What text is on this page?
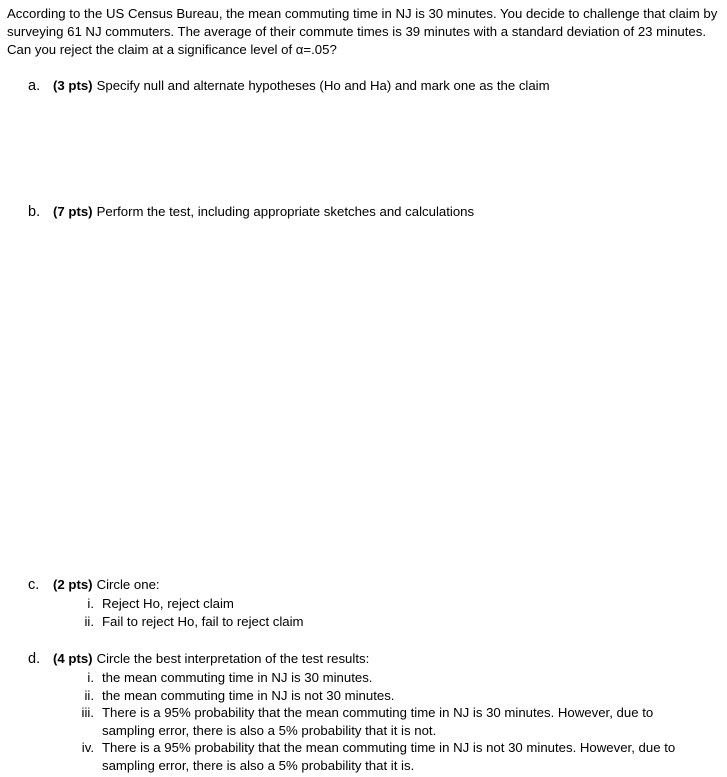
According to the US Census Bureau, the mean commuting time in NJ is 30 minutes. You decide to challenge that claim by surveying 61 NJ commuters. The average of their commute times is 39 minutes with a standard deviation of 23 minutes. Can you reject the claim at a significance level of α=.05?

a. (3 pts) Specify null and alternate hypotheses (Ho and Ha) and mark one as the claim
b. (7 pts) Perform the test, including appropriate sketches and calculations
c.	(2 pts) Circle one:
i. Reject Ho, reject claim
ii. Fail to reject Ho, fail to reject claim
d. (4 pts) Circle the best interpretation of the test results:
i. the mean commuting time in NJ is 30 minutes.
ii. the mean commuting time in NJ is not 30 minutes.
iii. There is a 95% probability that the mean commuting time in NJ is 30 minutes. However, due to sampling error, there is also a 5% probability that it is not.
iv. There is a 95% probability that the mean commuting time in NJ is not 30 minutes. However, due to sampling error, there is also a 5% probability that it is.
